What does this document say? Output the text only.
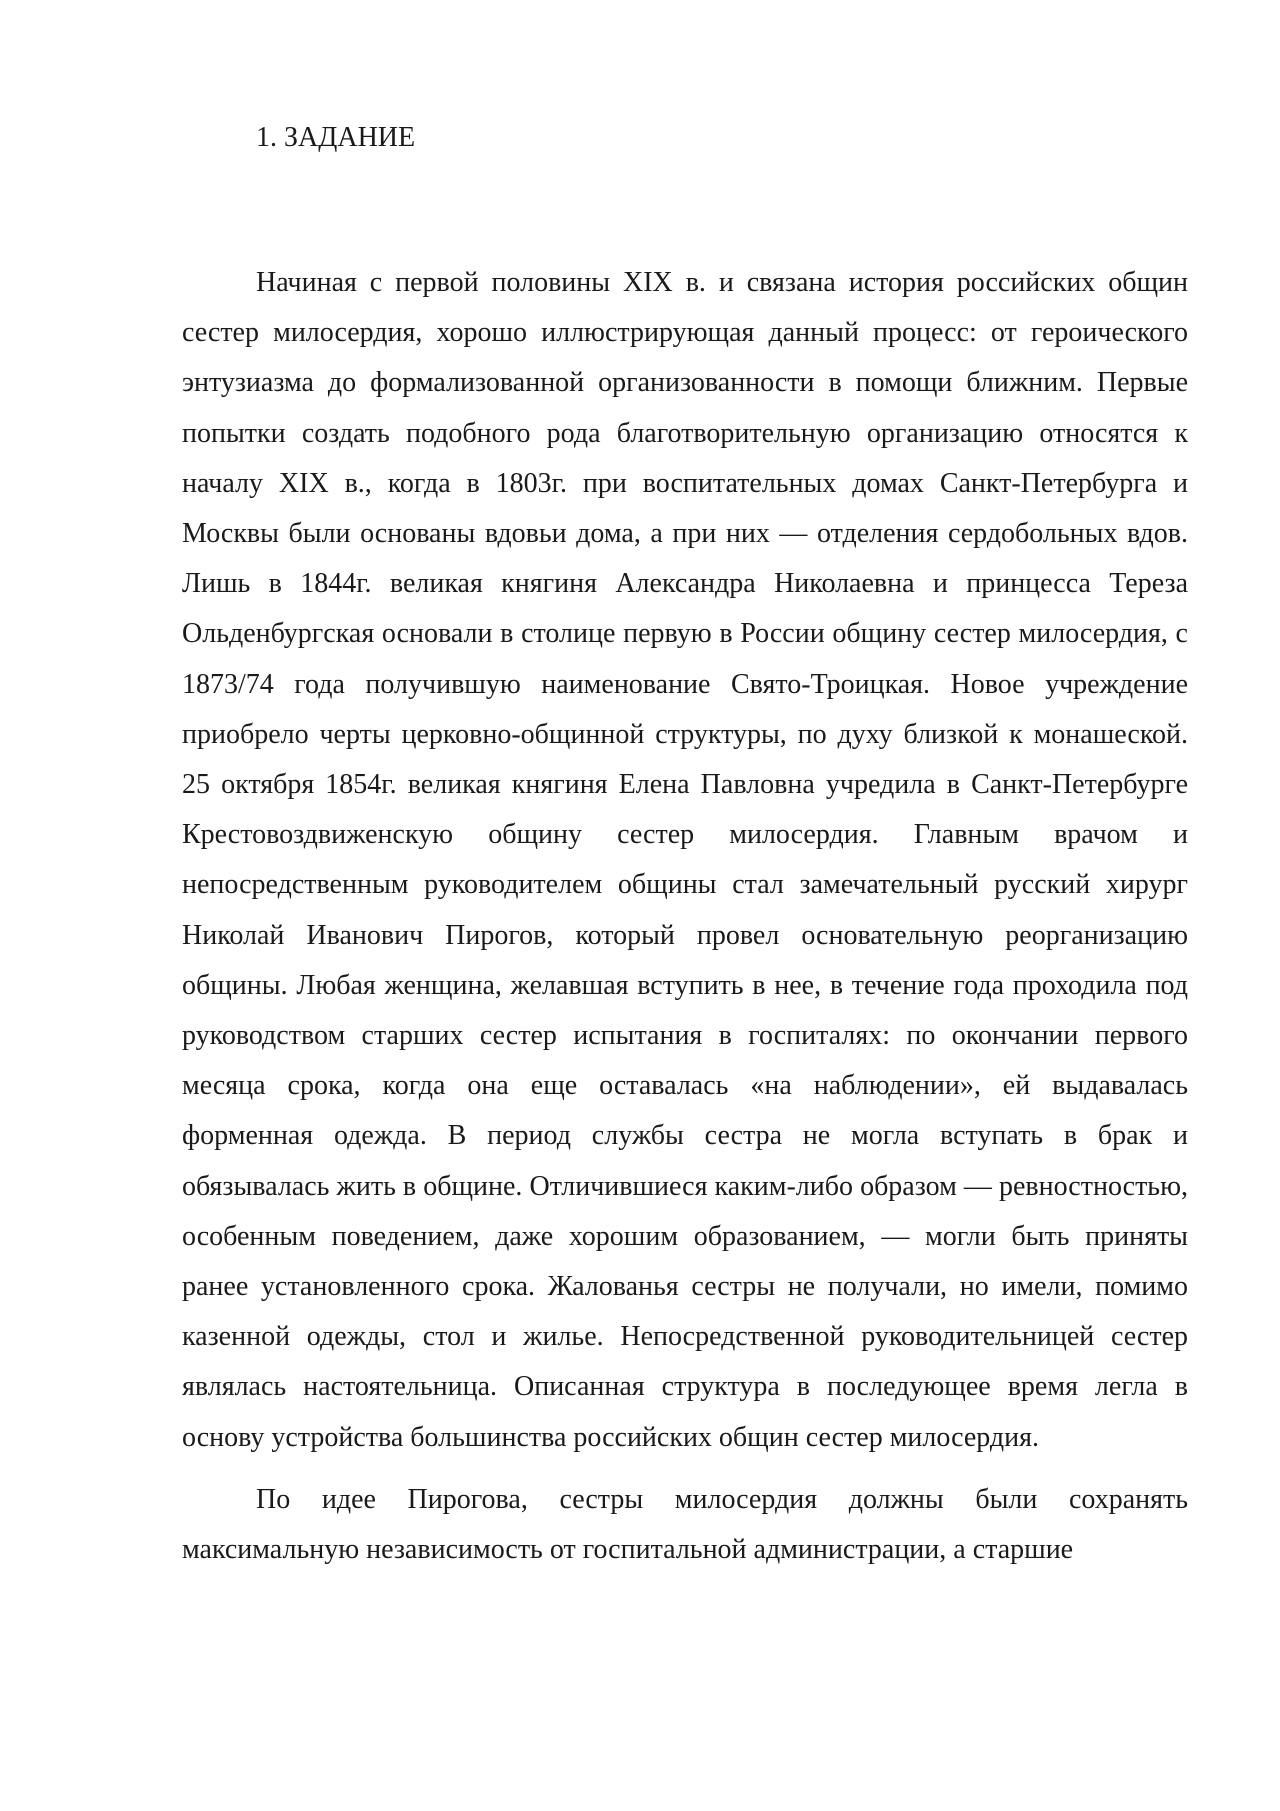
1. ЗАДАНИЕ

Начиная с первой половины XIX в. и связана история российских общин сестер милосердия, хорошо иллюстрирующая данный процесс: от героического энтузиазма до формализованной организованности в помощи ближним. Первые попытки создать подобного рода благотворительную организацию относятся к началу XIX в., когда в 1803г. при воспитательных домах Санкт-Петербурга и Москвы были основаны вдовьи дома, а при них — отделения сердобольных вдов. Лишь в 1844г. великая княгиня Александра Николаевна и принцесса Тереза Ольденбургская основали в столице первую в России общину сестер милосердия, с 1873/74 года получившую наименование Свято-Троицкая. Новое учреждение приобрело черты церковно-общинной структуры, по духу близкой к монашеской. 25 октября 1854г. великая княгиня Елена Павловна учредила в Санкт-Петербурге Крестовоздвиженскую общину сестер милосердия. Главным врачом и непосредственным руководителем общины стал замечательный русский хирург Николай Иванович Пирогов, который провел основательную реорганизацию общины. Любая женщина, желавшая вступить в нее, в течение года проходила под руководством старших сестер испытания в госпиталях: по окончании первого месяца срока, когда она еще оставалась «на наблюдении», ей выдавалась форменная одежда. В период службы сестра не могла вступать в брак и обязывалась жить в общине. Отличившиеся каким-либо образом — ревностностью, особенным поведением, даже хорошим образованием, — могли быть приняты ранее установленного срока. Жалованья сестры не получали, но имели, помимо казенной одежды, стол и жилье. Непосредственной руководительницей сестер являлась настоятельница. Описанная структура в последующее время легла в основу устройства большинства российских общин сестер милосердия.

По идее Пирогова, сестры милосердия должны были сохранять максимальную независимость от госпитальной администрации, а старшие
